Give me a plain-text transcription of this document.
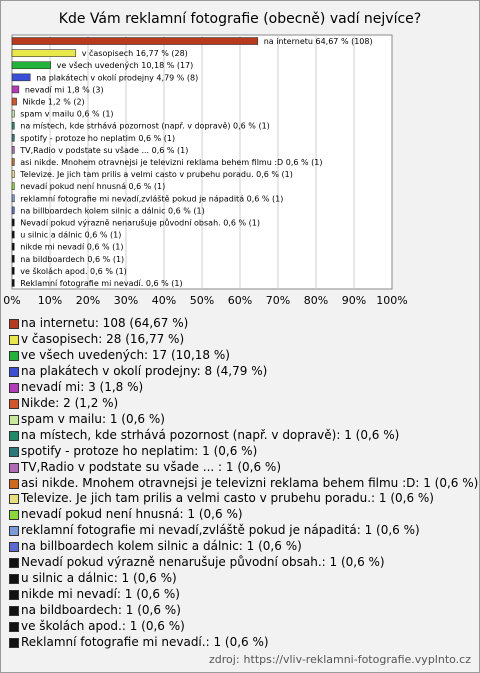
Kde Vám reklamní fotografie (obecně) vadí nejvíce?
0% 10% 20% 30% 40% 50% 60% 70% 80% 90% 100%
na internetu 64,67 % (108)
v časopisech 16,77 % (28)
ve všech uvedených 10,18 % (17)
na plakátech v okolí prodejny 4,79 % (8)
nevadí mi 1,8 % (3)
Nikde 1,2 % (2)
spam v mailu 0,6 % (1)
na místech, kde strhává pozornost (např. v dopravě) 0,6 % (1)
spotify - protoze ho neplatim 0,6 % (1)
TV,Radio v podstate su všade ... 0,6 % (1)
asi nikde. Mnohem otravnejsi je televizni reklama behem filmu :D 0,6 % (1)
Televize. Je jich tam prilis a velmi casto v prubehu poradu. 0,6 % (1)
nevadí pokud není hnusná 0,6 % (1)
reklamní fotografie mi nevadí,zvláště pokud je nápaditá 0,6 % (1)
na billboardech kolem silnic a dálnic 0,6 % (1)
Nevadí pokud výrazně nenarušuje původní obsah. 0,6 % (1)
u silnic a dálnic 0,6 % (1)
nikde mi nevadí 0,6 % (1)
na bildboardech 0,6 % (1)
ve školách apod. 0,6 % (1)
Reklamní fotografie mi nevadí. 0,6 % (1)
na internetu: 108 (64,67 %)
v časopisech: 28 (16,77 %)
ve všech uvedených: 17 (10,18 %)
na plakátech v okolí prodejny: 8 (4,79 %)
nevadí mi: 3 (1,8 %)
Nikde: 2 (1,2 %)
spam v mailu: 1 (0,6 %)
na místech, kde strhává pozornost (např. v dopravě): 1 (0,6 %)
spotify - protoze ho neplatim: 1 (0,6 %)
TV,Radio v podstate su všade ... : 1 (0,6 %)
asi nikde. Mnohem otravnejsi je televizni reklama behem filmu :D: 1 (0,6 %)
Televize. Je jich tam prilis a velmi casto v prubehu poradu.: 1 (0,6 %)
nevadí pokud není hnusná: 1 (0,6 %)
reklamní fotografie mi nevadí,zvláště pokud je nápaditá: 1 (0,6 %)
na billboardech kolem silnic a dálnic: 1 (0,6 %)
Nevadí pokud výrazně nenarušuje původní obsah.: 1 (0,6 %)
u silnic a dálnic: 1 (0,6 %)
nikde mi nevadí: 1 (0,6 %)
na bildboardech: 1 (0,6 %)
ve školách apod.: 1 (0,6 %)
Reklamní fotografie mi nevadí.: 1 (0,6 %)
zdroj: https://vliv-reklamni-fotografie.vyplnto.cz
